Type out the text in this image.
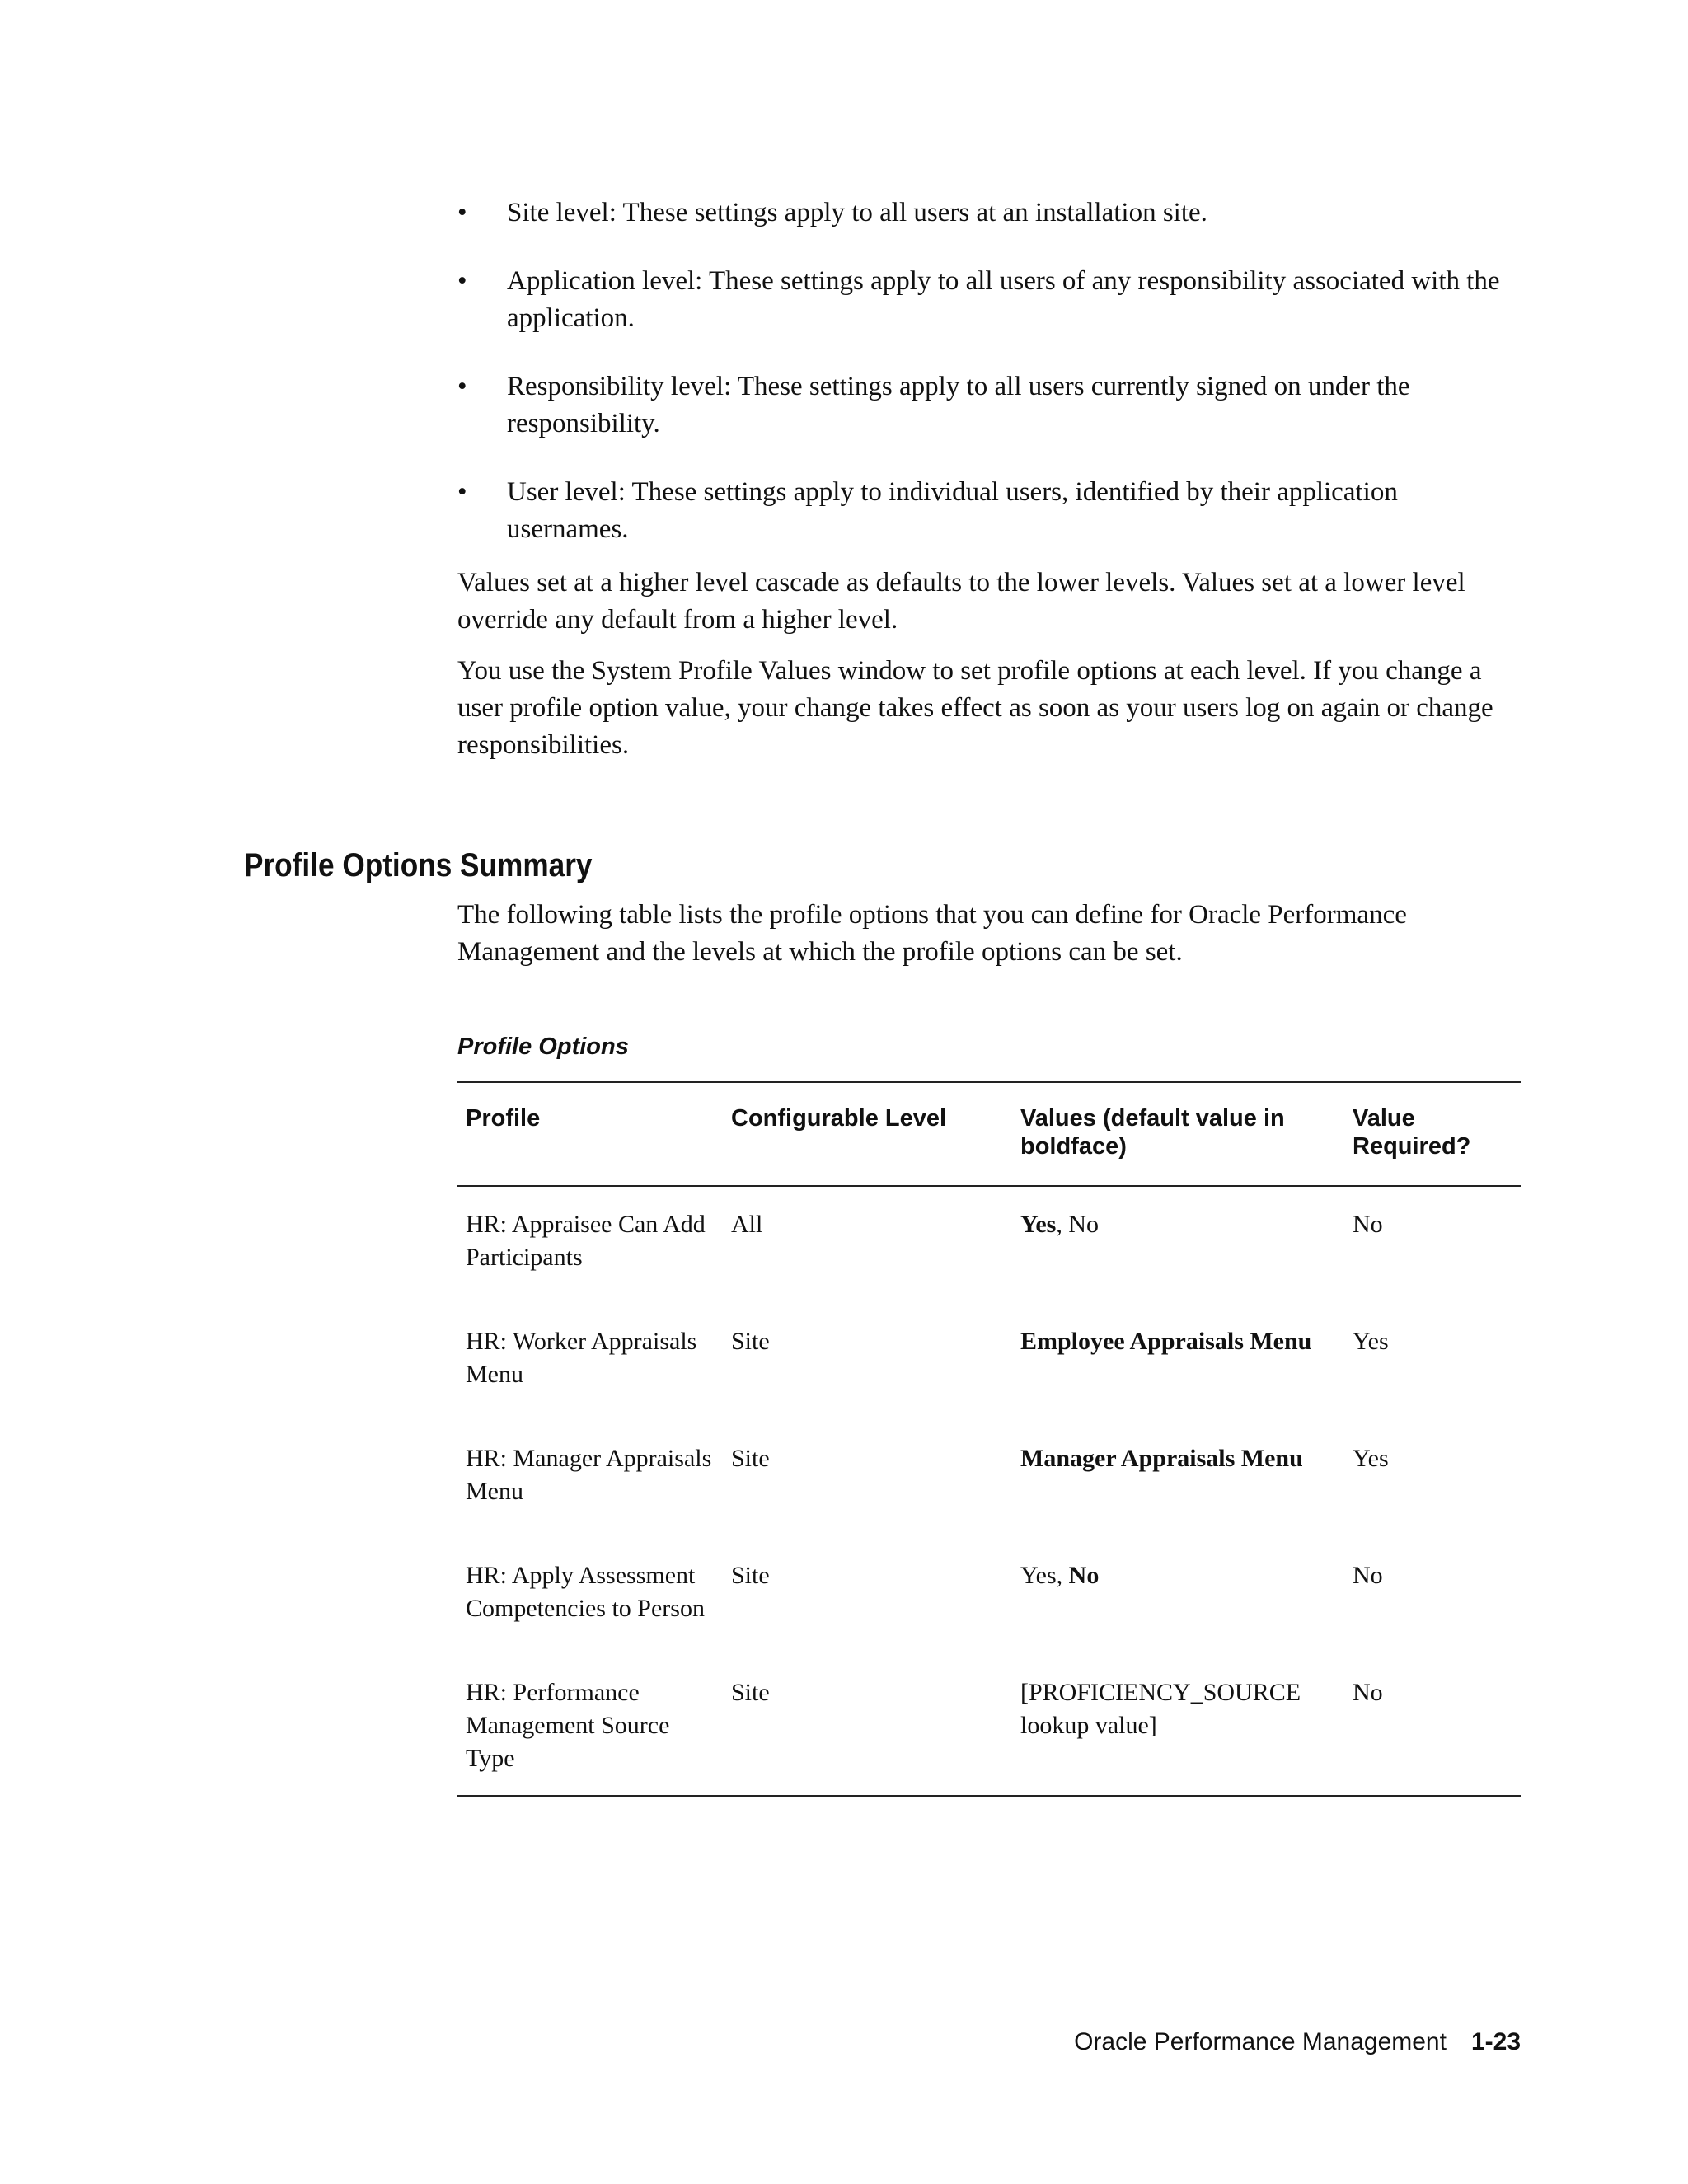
•	Site level: These settings apply to all users at an installation site.
•	Application level: These settings apply to all users of any responsibility associated with the application.
•	Responsibility level: These settings apply to all users currently signed on under the responsibility.
•	User level: These settings apply to individual users, identified by their application usernames.

Values set at a higher level cascade as defaults to the lower levels. Values set at a lower level override any default from a higher level.

You use the System Profile Values window to set profile options at each level. If you change a user profile option value, your change takes effect as soon as your users log on again or change responsibilities.

Profile Options Summary

The following table lists the profile options that you can define for Oracle Performance Management and the levels at which the profile options can be set.

Profile Options

Profile	Configurable Level	Values (default value in boldface)	Value Required?
HR: Appraisee Can Add Participants	All	Yes, No	No
HR: Worker Appraisals Menu	Site	Employee Appraisals Menu	Yes
HR: Manager Appraisals Menu	Site	Manager Appraisals Menu	Yes
HR: Apply Assessment Competencies to Person	Site	Yes, No	No
HR: Performance Management Source Type	Site	[PROFICIENCY_SOURCE lookup value]	No
Oracle Performance Management 1-23
